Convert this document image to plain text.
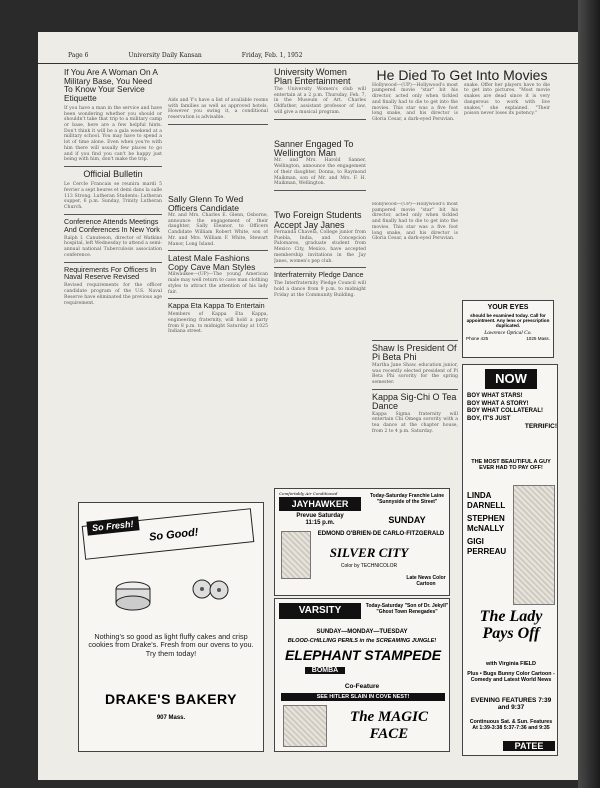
Page 6	University Daily Kansan	Friday, Feb. 1, 1952
If You Are A Woman On A Military Base, You Need To Know Your Service Etiquette
If you have a man in the service and have been wondering whether you should or shouldn't take that trip to a military camp or base, here are a few helpful hints. Don't think it will be a gala weekend at a military school. You may have to spend a lot of time alone. Even when you're with him there will usually few places to go and if you find you can't be happy just being with him, don't make the trip.
Official Bulletin
Le Cercle Francais se reunira mardi 5 fevrier a sept heures et demi dans la salle 113 Strong. Lutheran Students: Lutheran supper, 6 p.m. Sunday, Trinity Lutheran Church.
Conference Attends Meetings And Conferences In New York
Ralph I. Canuteson, director of Watkins hospital, left Wednesday to attend a semi-annual national Tuberculosis association conference.
Requirements For Officers In Naval Reserve Revised
Revised requirements for the officer candidate program of the U.S. Naval Reserve have eliminated the previous age requirement.
Aids and Y's have a list of available rooms with families as well as approved hotels. However you swing it, a conditional reservation is advisable.
Sally Glenn To Wed Officers Candidate
Mr. and Mrs. Charles E. Glenn, Osborne, announce the engagement of their daughter, Sally Eleanor, to Officers Candidate William Robert White, son of Mr. and Mrs. William F. White, Stewart Manor, Long Island.
Latest Male Fashions Copy Cave Man Styles
Milwaukee—(UP)—The young American male may well return to cave man clothing styles to attract the attention of his lady fair.
Kappa Eta Kappa To Entertain
Members of Kappa Eta Kappa, engineering fraternity, will hold a party from 8 p.m. to midnight Saturday at 1025 Indiana street.
University Women Plan Entertainment
The University Women's club will entertain at a 2 p.m. Thursday, Feb. 7, in the Museum of Art. Charles Oldfather, assistant professor of law, will give a musical program.
Sanner Engaged To Wellington Man
Mr. and Mrs. Harold Sanner, Wellington, announce the engagement of their daughter, Donna, to Raymond Maikman, son of Mr. and Mrs. F. H. Maikman, Wellington.
Two Foreign Students Accept Jay Janes
Fernanda Chavela, College junior from Puebla, India, and Concepcion Palomares, graduate student from Mexico City, Mexico, have accepted membership invitations in the Jay Janes, women's pep club.
Interfraternity Pledge Dance
The Interfraternity Pledge Council will hold a dance from 9 p.m. to midnight Friday at the Community Building.
He Died To Get Into Movies
Hollywood—(UP)—Hollywood's most pampered movie "star" bit his director, acted only when tickled and finally had to die to get into the movies. This star was a five foot long snake, and his director is Gloria Cesar, a dark-eyed Peruvian.
snake. Offer her players have to die to get into pictures. "Most movie snakes are dead since it is very dangerous to work with live snakes," she explained. "Their poison never loses its potency."
Hollywood—(UP)—Hollywood's most pampered movie "star" bit his director, acted only when tickled and finally had to die to get into the movies. This star was a five foot long snake, and his director is Gloria Cesar, a dark-eyed Peruvian.
Shaw Is President Of Pi Beta Phi
Martha Jane Shaw, education junior, was recently elected president of Pi Beta Phi sorority for the spring semester.
Kappa Sig-Chi O Tea Dance
Kappa Sigma fraternity will entertain Chi Omega sorority with a tea dance at the chapter house, from 2 to 4 p.m. Saturday.
YOUR EYES
should be examined today. Call for appointment. Any lens or prescription duplicated.
Lawrence Optical Co.
Phone 425	1025 Mass.
So Fresh!
So Good!
Nothing's so good as light fluffy cakes and crisp cookies from Drake's. Fresh from our ovens to you. Try them today!
DRAKE'S BAKERY
907 Mass.
Comfortably Air Conditioned
JAYHAWKER
Today-Saturday Franchie Laine "Sunnyside of the Street"
Prevue Saturday
11:15 p.m.	SUNDAY
EDMOND O'BRIEN·DE CARLO·FITZGERALD
SILVER CITY
Color by TECHNICOLOR
Late News Color Cartoon
VARSITY	Today-Saturday "Son of Dr. Jekyll" "Ghost Town Renegades"
SUNDAY—MONDAY—TUESDAY
BLOOD-CHILLING PERILS in the SCREAMING JUNGLE!
ELEPHANT STAMPEDE
BOMBA
Co-Feature
SEE HITLER SLAIN IN COVE NEST!
The MAGIC FACE
NOW
BOY WHAT STARS!
BOY WHAT A STORY!
BOY WHAT COLLATERAL!
BOY, IT'S JUST
TERRIFIC!
THE MOST BEAUTIFUL A GUY EVER HAD TO PAY OFF!
LINDA DARNELL
STEPHEN McNALLY
GIGI PERREAU
The Lady Pays Off
with Virginia FIELD
Plus • Bugs Bunny Color Cartoon - Comedy and Latest World News
EVENING FEATURES 7:39 and 9:37
Continuous Sat. & Sun. Features At 1:39-3:38 5:37-7:36 and 9:35
PATEE
